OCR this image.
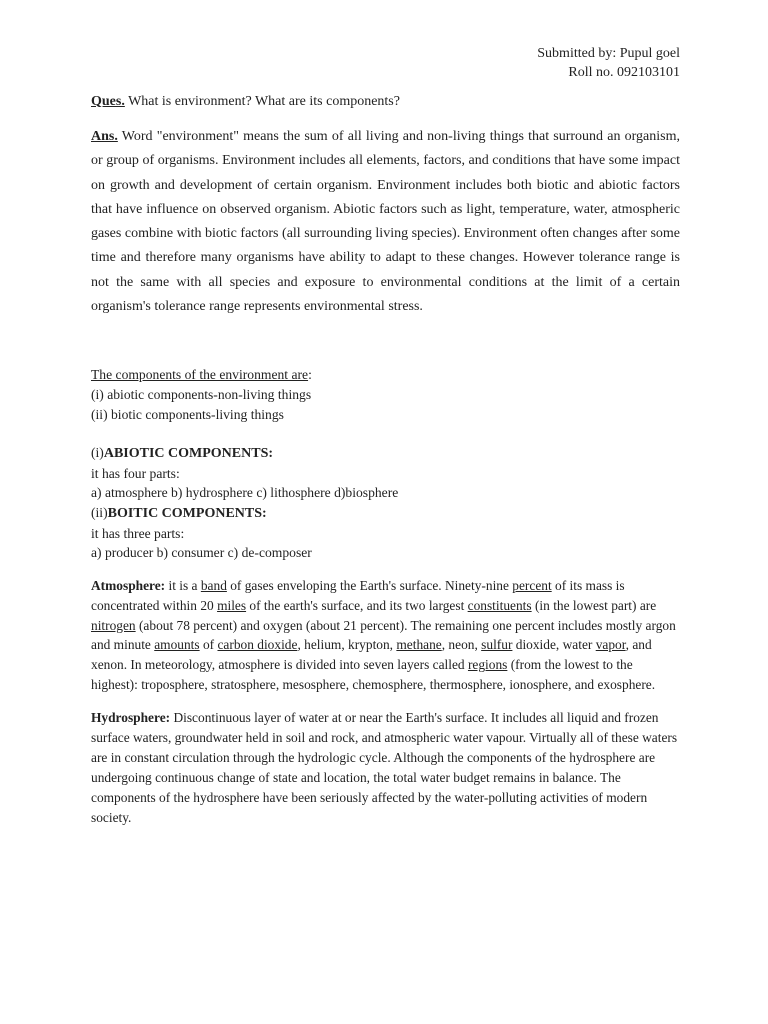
Submitted by: Pupul goel
Roll no. 092103101

Ques. What is environment? What are its components?

Ans. Word "environment" means the sum of all living and non-living things that surround an organism, or group of organisms. Environment includes all elements, factors, and conditions that have some impact on growth and development of certain organism. Environment includes both biotic and abiotic factors that have influence on observed organism. Abiotic factors such as light, temperature, water, atmospheric gases combine with biotic factors (all surrounding living species). Environment often changes after some time and therefore many organisms have ability to adapt to these changes. However tolerance range is not the same with all species and exposure to environmental conditions at the limit of a certain organism's tolerance range represents environmental stress.

The components of the environment are:
(i) abiotic components-non-living things
(ii) biotic components-living things
(i)ABIOTIC COMPONENTS:
it has four parts:
a) atmosphere b) hydrosphere c) lithosphere d)biosphere
(ii)BOITIC COMPONENTS:
it has three parts:
a) producer b) consumer c) de-composer

Atmosphere: it is a band of gases enveloping the Earth's surface. Ninety-nine percent of its mass is concentrated within 20 miles of the earth's surface, and its two largest constituents (in the lowest part) are nitrogen (about 78 percent) and oxygen (about 21 percent). The remaining one percent includes mostly argon and minute amounts of carbon dioxide, helium, krypton, methane, neon, sulfur dioxide, water vapor, and xenon. In meteorology, atmosphere is divided into seven layers called regions (from the lowest to the highest): troposphere, stratosphere, mesosphere, chemosphere, thermosphere, ionosphere, and exosphere.

Hydrosphere: Discontinuous layer of water at or near the Earth's surface. It includes all liquid and frozen surface waters, groundwater held in soil and rock, and atmospheric water vapour. Virtually all of these waters are in constant circulation through the hydrologic cycle. Although the components of the hydrosphere are undergoing continuous change of state and location, the total water budget remains in balance. The components of the hydrosphere have been seriously affected by the water-polluting activities of modern society.
